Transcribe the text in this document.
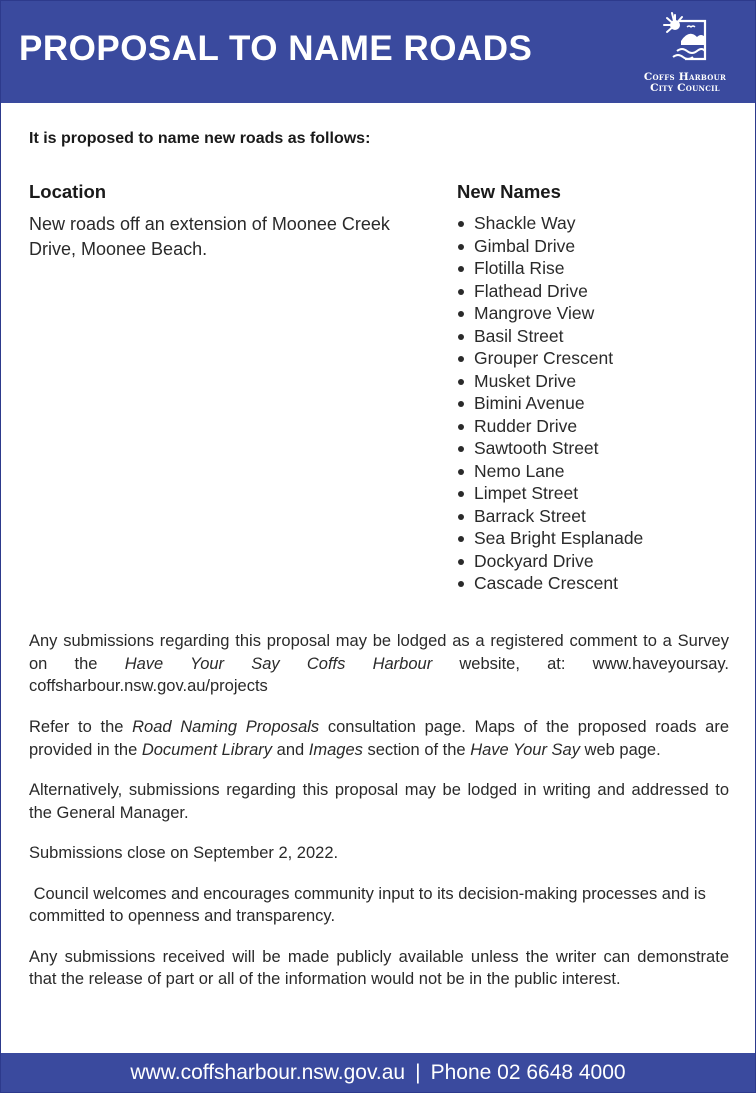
PROPOSAL TO NAME ROADS
Coffs Harbour
City Council
It is proposed to name new roads as follows:
Location
New roads off an extension of Moonee Creek Drive, Moonee Beach.
New Names
Shackle Way
Gimbal Drive
Flotilla Rise
Flathead Drive
Mangrove View
Basil Street
Grouper Crescent
Musket Drive
Bimini Avenue
Rudder Drive
Sawtooth Street
Nemo Lane
Limpet Street
Barrack Street
Sea Bright Esplanade
Dockyard Drive
Cascade Crescent

Any submissions regarding this proposal may be lodged as a registered comment to a Survey on the Have Your Say Coffs Harbour website, at: www.haveyoursay. coffsharbour.nsw.gov.au/projects

Refer to the Road Naming Proposals consultation page. Maps of the proposed roads are provided in the Document Library and Images section of the Have Your Say web page.

Alternatively, submissions regarding this proposal may be lodged in writing and addressed to the General Manager.

Submissions close on September 2, 2022.

Council welcomes and encourages community input to its decision-making processes and is committed to openness and transparency.

Any submissions received will be made publicly available unless the writer can demonstrate that the release of part or all of the information would not be in the public interest.

www.coffsharbour.nsw.gov.au | Phone 02 6648 4000
